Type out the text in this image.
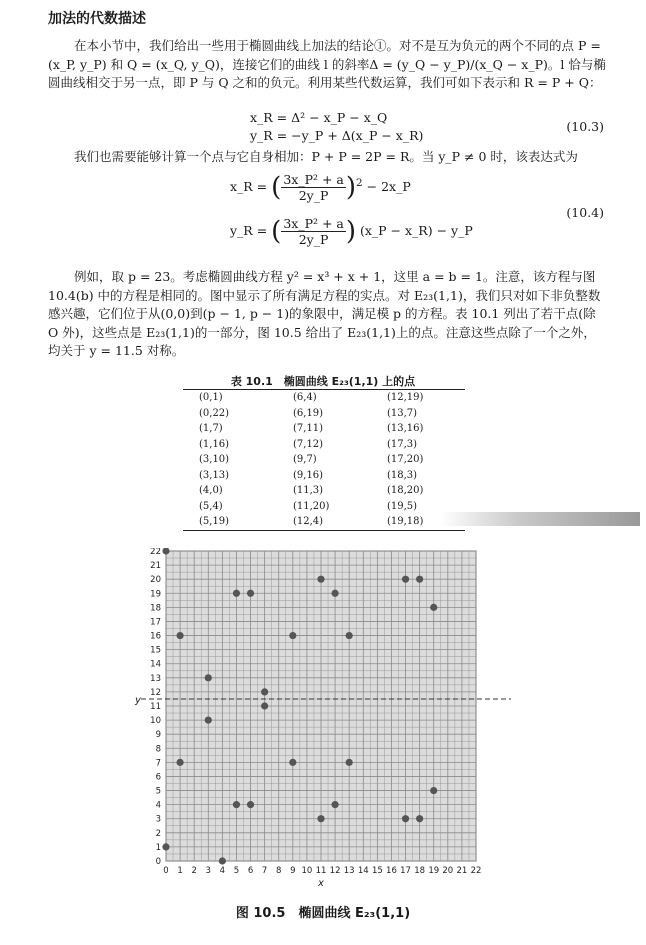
加法的代数描述
在本小节中，我们给出一些用于椭圆曲线上加法的结论①。对不是互为负元的两个不同的点 P = (x_P, y_P) 和 Q = (x_Q, y_Q)，连接它们的曲线 l 的斜率Δ = (y_Q − y_P)/(x_Q − x_P)。l 恰与椭圆曲线相交于另一点，即 P 与 Q 之和的负元。利用某些代数运算，我们可如下表示和 R = P + Q：
x_R = Δ² − x_P − x_Q
y_R = −y_P + Δ(x_P − x_R)
(10.3)
我们也需要能够计算一个点与它自身相加：P + P = 2P = R。当 y_P ≠ 0 时，该表达式为
x_R = ( $\frac{\text{3x\_P² + a}}{2y\_P} )^2$ − 2x_P
y_R = ( $\frac{\text{3x\_P² + a}}{2y\_P}$ ) (x_P − x_R) − y_P
(10.4)
例如，取 p = 23。考虑椭圆曲线方程 y² = x³ + x + 1，这里 a = b = 1。注意，该方程与图 10.4(b) 中的方程是相同的。图中显示了所有满足方程的实点。对 E₂₃(1,1)，我们只对如下非负整数感兴趣，它们位于从(0,0)到(p − 1, p − 1)的象限中，满足模 p 的方程。表 10.1 列出了若干点(除 O 外)，这些点是 E₂₃(1,1)的一部分，图 10.5 给出了 E₂₃(1,1)上的点。注意这些点除了一个之外，均关于 y = 11.5 对称。
表 10.1　椭圆曲线 E₂₃(1,1) 上的点
(0,1)	(6,4)	(12,19)
(0,22)	(6,19)	(13,7)
(1,7)	(7,11)	(13,16)
(1,16)	(7,12)	(17,3)
(3,10)	(9,7)	(17,20)
(3,13)	(9,16)	(18,3)
(4,0)	(11,3)	(18,20)
(5,4)	(11,20)	(19,5)
(5,19)	(12,4)	(19,18)
0 1 2 3 4 5 6 7 8 9 10 11 12 13 14 15 16 17 18 19 20 21 22
0
1
2
3
4
5
6
7
8
9
10
11
12
13
14
15
16
17
18
19
20
21
22
x
y
图 10.5　椭圆曲线 E₂₃(1,1)
